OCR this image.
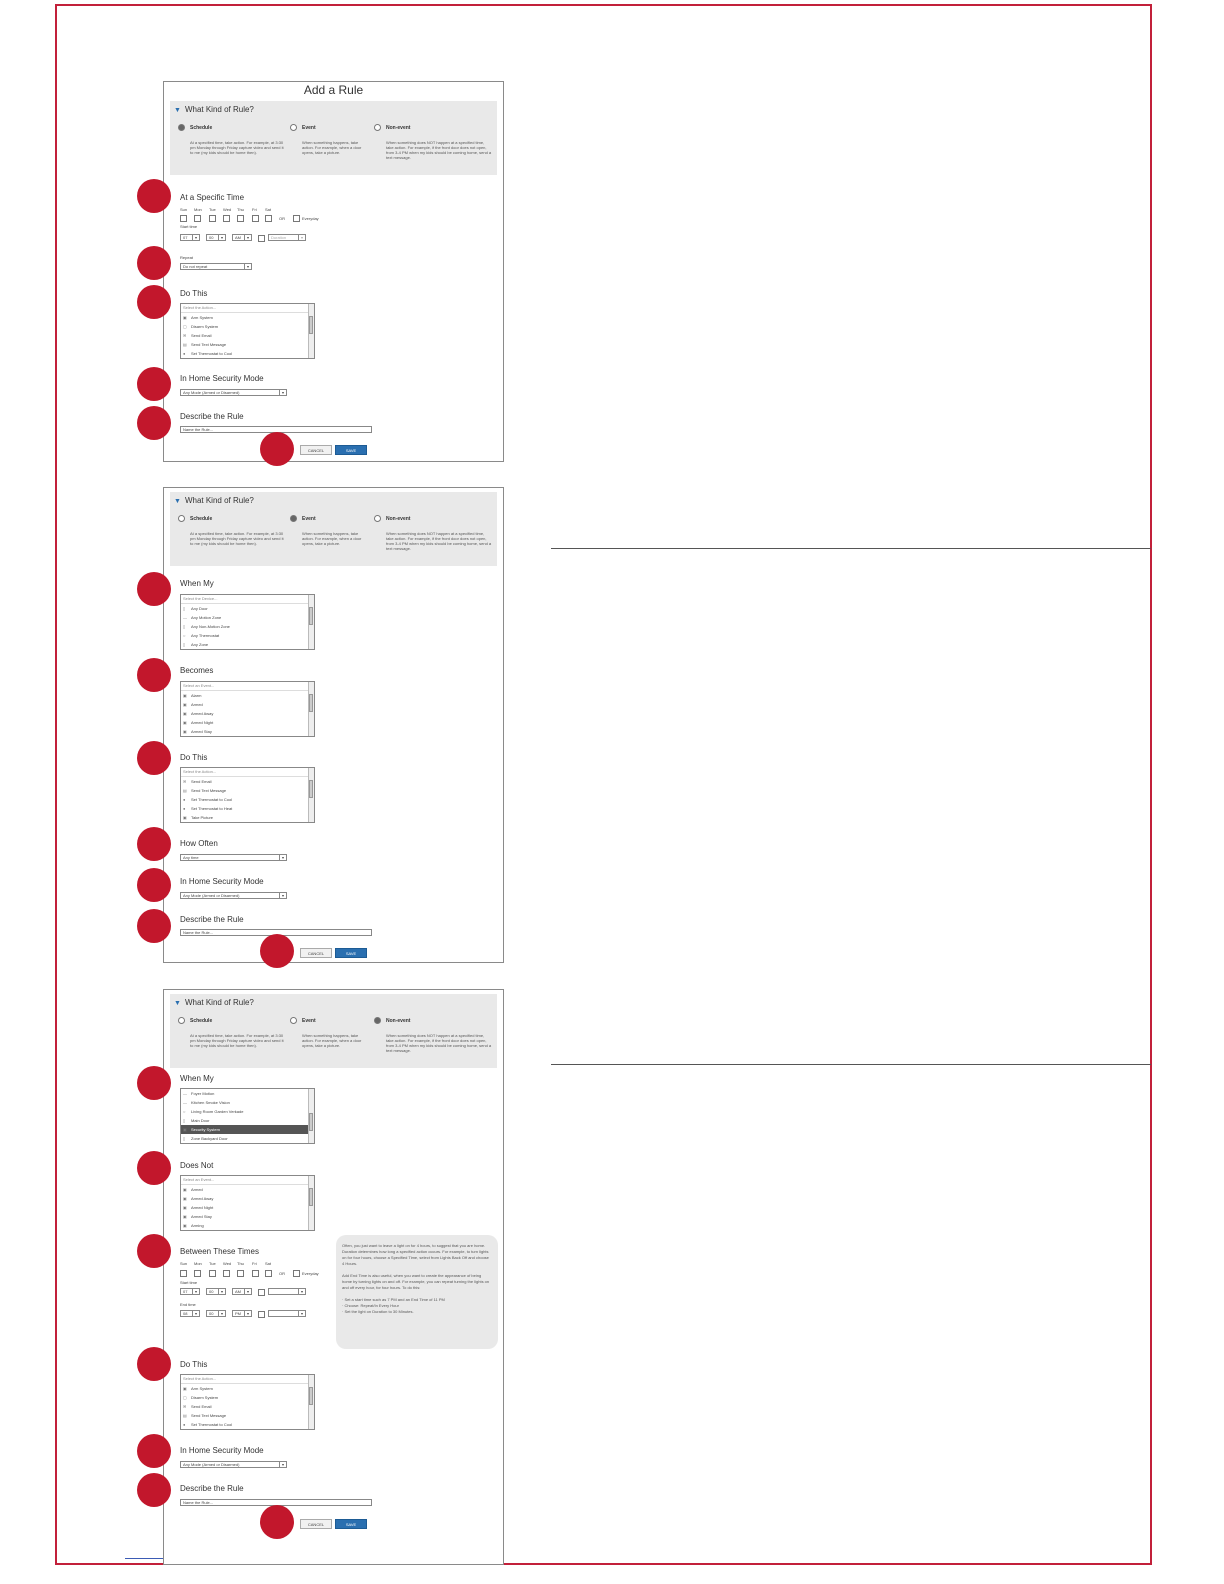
Add a Rule
▼ What Kind of Rule?
Schedule
At a specified time, take action. For example, at 3:30 pm Monday through Friday capture video and send it to me (my kids should be home then).
Event
When something happens, take action. For example, when a door opens, take a picture.
Non-event
When something does NOT happen at a specified time, take action. For example, if the front door does not open, from 3-4 PM when my kids should be coming home, send a text message.
At a Specific Time
Sun Mon Tue Wed Thu Fri Sat
OR	Everyday
Start time
07	▾	00	▾	AM	▾	Duration	▾
Repeat
Do not repeat	▾
Do This
Select the Action...
▣ Arm System
▢ Disarm System
✉ Send Email
▤ Send Text Message
● Set Thermostat to Cool
In Home Security Mode
Any Mode (Armed or Disarmed)	▾
Describe the Rule
Name the Rule...
CANCEL	SAVE
▼ What Kind of Rule?
Schedule
At a specified time, take action. For example, at 3:30 pm Monday through Friday capture video and send it to me (my kids should be home then).
Event
When something happens, take action. For example, when a door opens, take a picture.
Non-event
When something does NOT happen at a specified time, take action. For example, if the front door does not open, from 3-4 PM when my kids should be coming home, send a text message.
When My
Select the Device...
▯ Any Door
— Any Motion Zone
▯ Any Non-Motion Zone
○ Any Thermostat
▯ Any Zone
Becomes
Select an Event...
▣ Alarm
▣ Armed
▣ Armed Away
▣ Armed Night
▣ Armed Stay
Do This
Select the Action...
✉ Send Email
▤ Send Text Message
● Set Thermostat to Cool
● Set Thermostat to Heat
▣ Take Picture
How Often
Any time	▾
In Home Security Mode
Any Mode (Armed or Disarmed)	▾
Describe the Rule
Name the Rule...
CANCEL	SAVE
▼ What Kind of Rule?
Schedule
At a specified time, take action. For example, at 3:30 pm Monday through Friday capture video and send it to me (my kids should be home then).
Event
When something happens, take action. For example, when a door opens, take a picture.
Non-event
When something does NOT happen at a specified time, take action. For example, if the front door does not open, from 3-4 PM when my kids should be coming home, send a text message.
When My
— Foyer Motion
— Kitchen Smoke Vision
○ Living Room Garden Verkade
▯ Main Door
▣ Security System
▯ Zone Backyard Door
Does Not
Select an Event...
▣ Armed
▣ Armed Away
▣ Armed Night
▣ Armed Stay
▣ Arming
Between These Times
Sun Mon Tue Wed Thu Fri Sat
OR	Everyday
Start time
07	▾	00	▾	AM	▾	▾
End time
08	▾	00	▾	PM	▾	▾

Often, you just want to leave a light on for 4 hours, to suggest that you are home. Duration determines how long a specified action occurs. For example, to turn lights on for four hours, choose a Specified Time, select from Lights Back Off and choose 4 Hours.

Add End Time is also useful, when you want to create the appearance of being home by turning lights on and off. For example, you can repeat turning the lights on and off every hour, for four hours. To do this:

· Set a start time such as 7 PM and an End Time of 11 PM
· Choose: Repeat/In Every Hour
· Set the light on Duration to 30 Minutes.
Do This
Select the Action...
▣ Arm System
▢ Disarm System
✉ Send Email
▤ Send Text Message
● Set Thermostat to Cool
In Home Security Mode
Any Mode (Armed or Disarmed)	▾
Describe the Rule
Name the Rule...
CANCEL	SAVE
